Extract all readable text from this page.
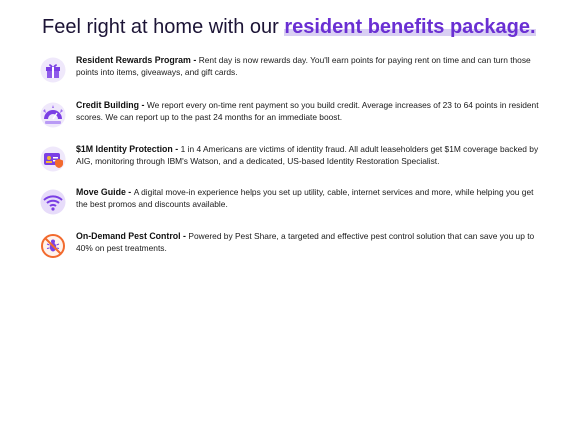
Feel right at home with our resident benefits package.
Resident Rewards Program - Rent day is now rewards day. You'll earn points for paying rent on time and can turn those points into items, giveaways, and gift cards.
Credit Building - We report every on-time rent payment so you build credit. Average increases of 23 to 64 points in resident scores. We can report up to the past 24 months for an immediate boost.
$1M Identity Protection - 1 in 4 Americans are victims of identity fraud. All adult leaseholders get $1M coverage backed by AIG, monitoring through IBM's Watson, and a dedicated, US-based Identity Restoration Specialist.
Move Guide - A digital move-in experience helps you set up utility, cable, internet services and more, while helping you get the best promos and discounts available.
On-Demand Pest Control - Powered by Pest Share, a targeted and effective pest control solution that can save you up to 40% on pest treatments.
